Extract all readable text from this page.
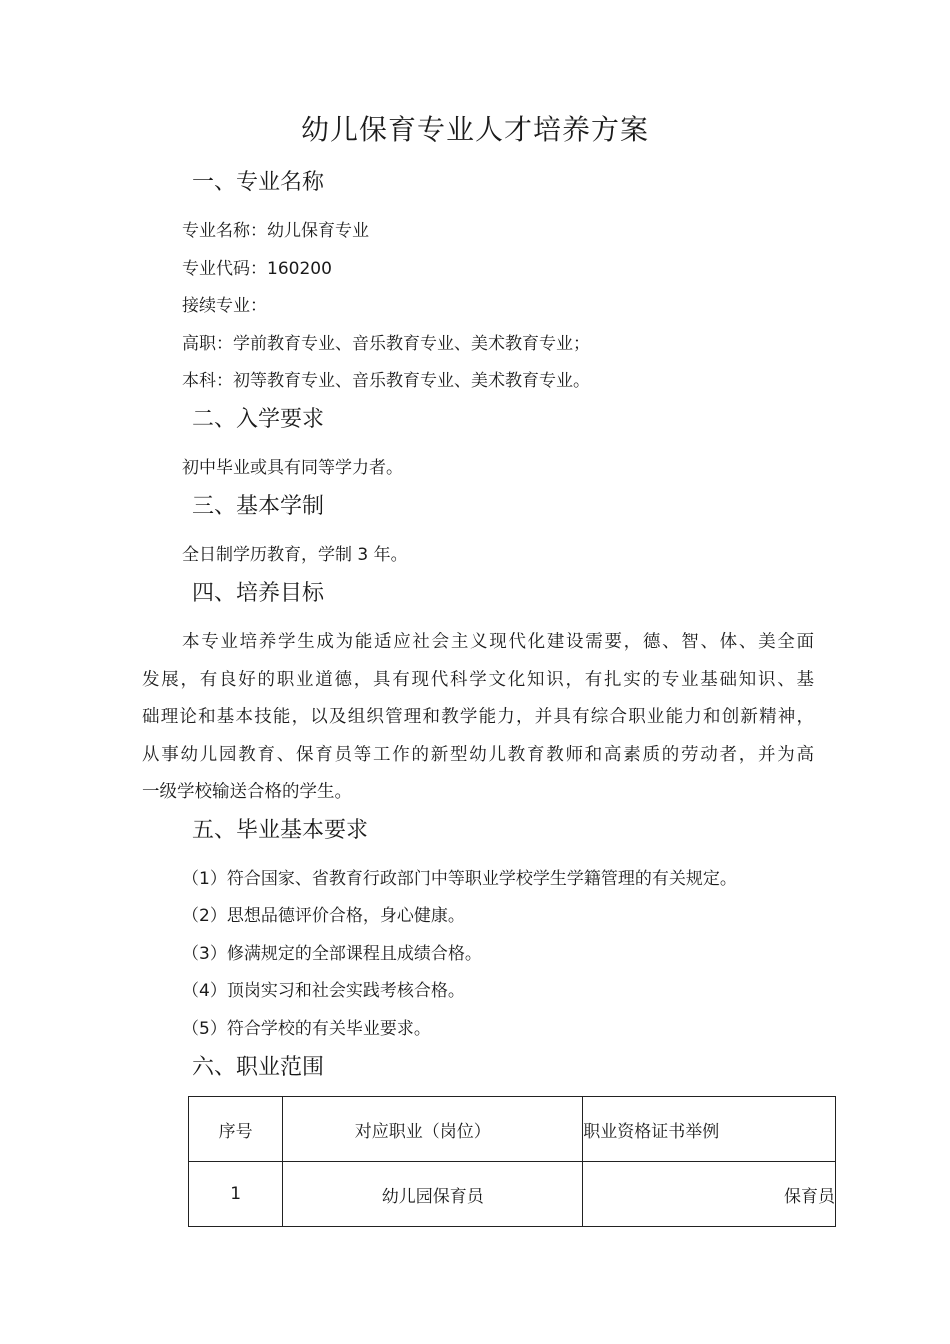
幼儿保育专业人才培养方案
一、专业名称
专业名称：幼儿保育专业
专业代码：160200
接续专业：
高职：学前教育专业、音乐教育专业、美术教育专业；
本科：初等教育专业、音乐教育专业、美术教育专业。
二、入学要求
初中毕业或具有同等学力者。
三、基本学制
全日制学历教育，学制 3 年。
四、培养目标
本专业培养学生成为能适应社会主义现代化建设需要，德、智、体、美全面
发展，有良好的职业道德，具有现代科学文化知识，有扎实的专业基础知识、基
础理论和基本技能，以及组织管理和教学能力，并具有综合职业能力和创新精神，
从事幼儿园教育、保育员等工作的新型幼儿教育教师和高素质的劳动者，并为高
一级学校输送合格的学生。
五、毕业基本要求
（1）符合国家、省教育行政部门中等职业学校学生学籍管理的有关规定。
（2）思想品德评价合格，身心健康。
（3）修满规定的全部课程且成绩合格。
（4）顶岗实习和社会实践考核合格。
（5）符合学校的有关毕业要求。
六、职业范围
序号	对应职业（岗位）	职业资格证书举例
1	幼儿园保育员	保育员
